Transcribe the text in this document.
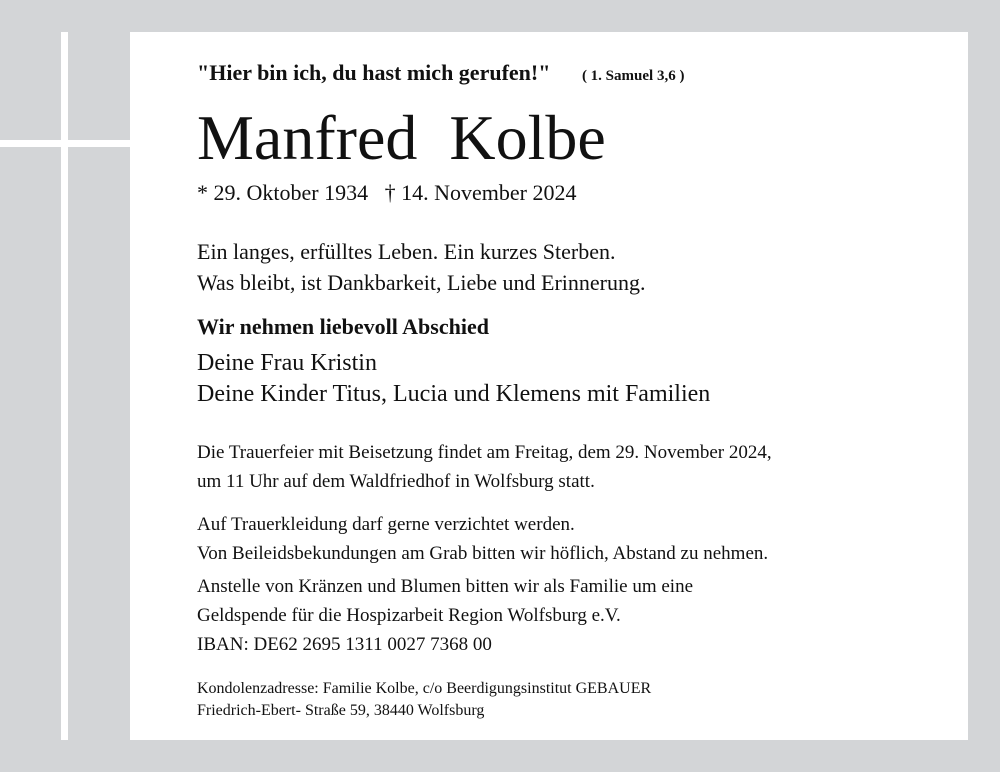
"Hier bin ich, du hast mich gerufen!" ( 1. Samuel 3,6 )
Manfred  Kolbe
* 29. Oktober 1934   † 14. November 2024
Ein langes, erfülltes Leben. Ein kurzes Sterben.
Was bleibt, ist Dankbarkeit, Liebe und Erinnerung.
Wir nehmen liebevoll Abschied
Deine Frau Kristin
Deine Kinder Titus, Lucia und Klemens mit Familien
Die Trauerfeier mit Beisetzung findet am Freitag, dem 29. November 2024,
um 11 Uhr auf dem Waldfriedhof in Wolfsburg statt.
Auf Trauerkleidung darf gerne verzichtet werden.
Von Beileidsbekundungen am Grab bitten wir höflich, Abstand zu nehmen.
Anstelle von Kränzen und Blumen bitten wir als Familie um eine
Geldspende für die Hospizarbeit Region Wolfsburg e.V.
IBAN: DE62 2695 1311 0027 7368 00
Kondolenzadresse: Familie Kolbe, c/o Beerdigungsinstitut GEBAUER
Friedrich-Ebert- Straße 59, 38440 Wolfsburg
